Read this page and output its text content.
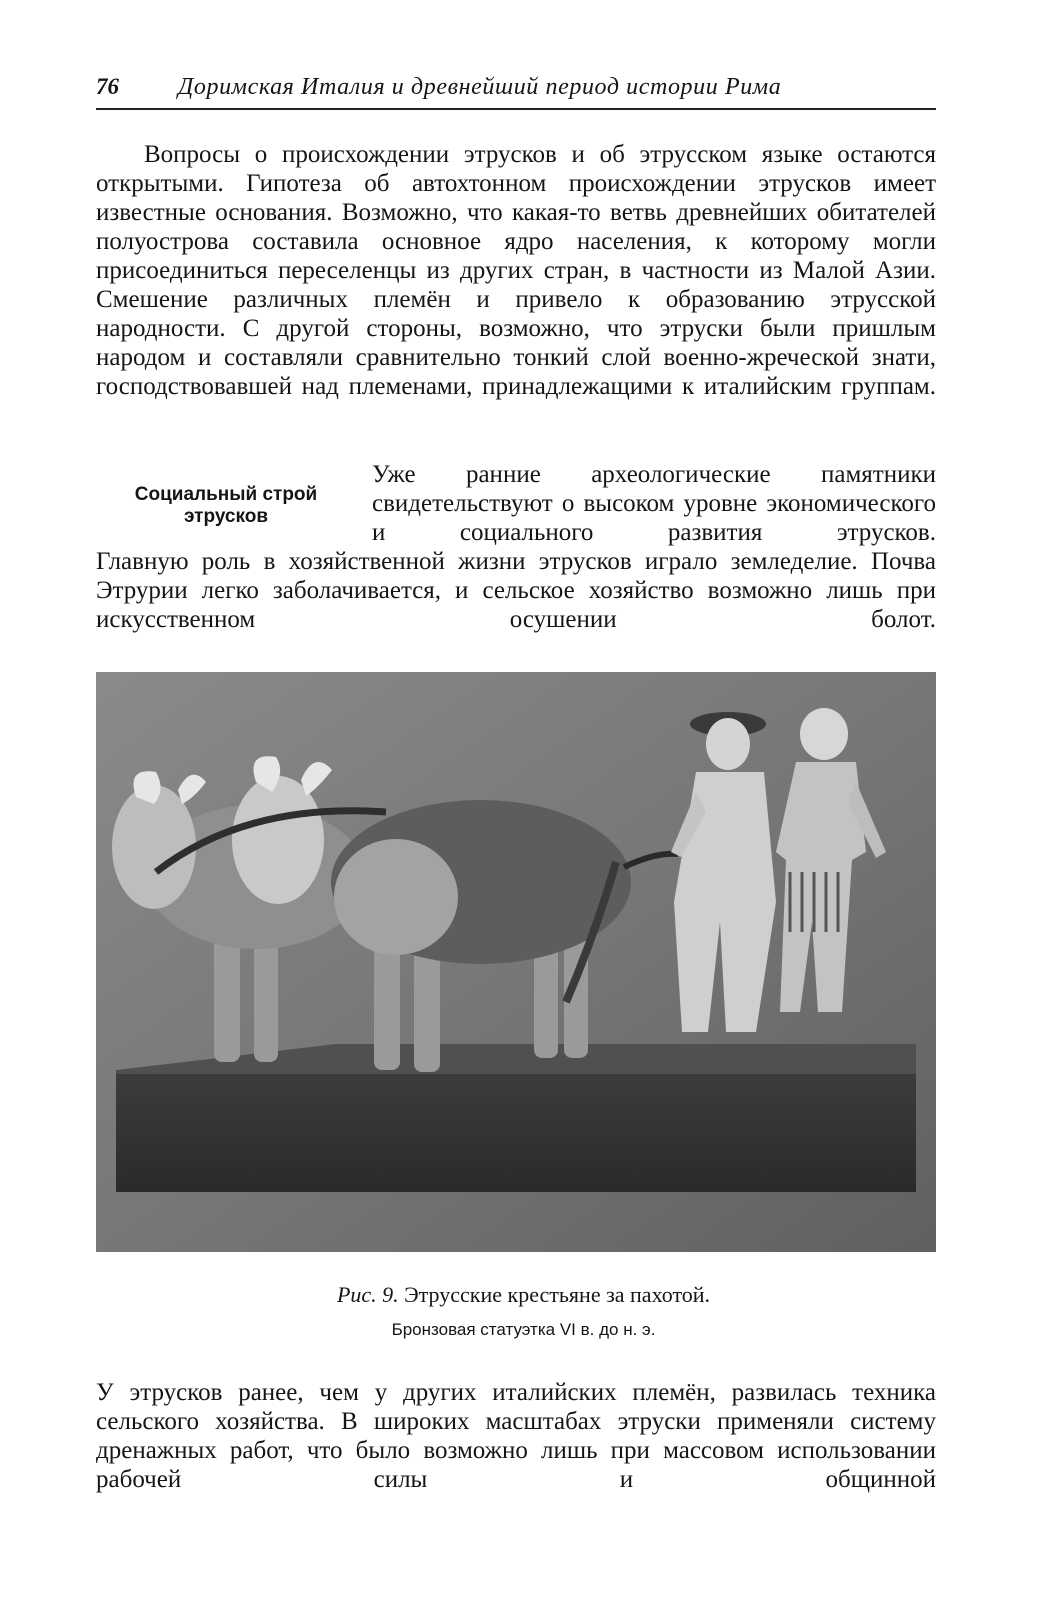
76 Доримская Италия и древнейший период истории Рима

Вопросы о происхождении этрусков и об этрусском языке остаются открытыми. Гипотеза об автохтонном происхождении этрусков имеет известные основания. Возможно, что какая-то ветвь древнейших обитателей полуострова составила основное ядро населения, к которому могли присоединиться переселенцы из других стран, в частности из Малой Азии. Смешение различных племён и привело к образованию этрусской народности. С другой стороны, возможно, что этруски были пришлым народом и составляли сравнительно тонкий слой военно-жреческой знати, господствовавшей над племенами, принадлежащими к италийским группам.

Социальный строй этрусков

Уже ранние археологические памятники свидетельствуют о высоком уровне экономического и социального развития этрусков.

Главную роль в хозяйственной жизни этрусков играло земледелие. Почва Этрурии легко заболачивается, и сельское хозяйство возможно лишь при искусственном осушении болот.

Рис. 9. Этрусские крестьяне за пахотой.
Бронзовая статуэтка VI в. до н. э.

У этрусков ранее, чем у других италийских племён, развилась техника сельского хозяйства. В широких масштабах этруски применяли систему дренажных работ, что было возможно лишь при массовом использовании рабочей силы и общинной
